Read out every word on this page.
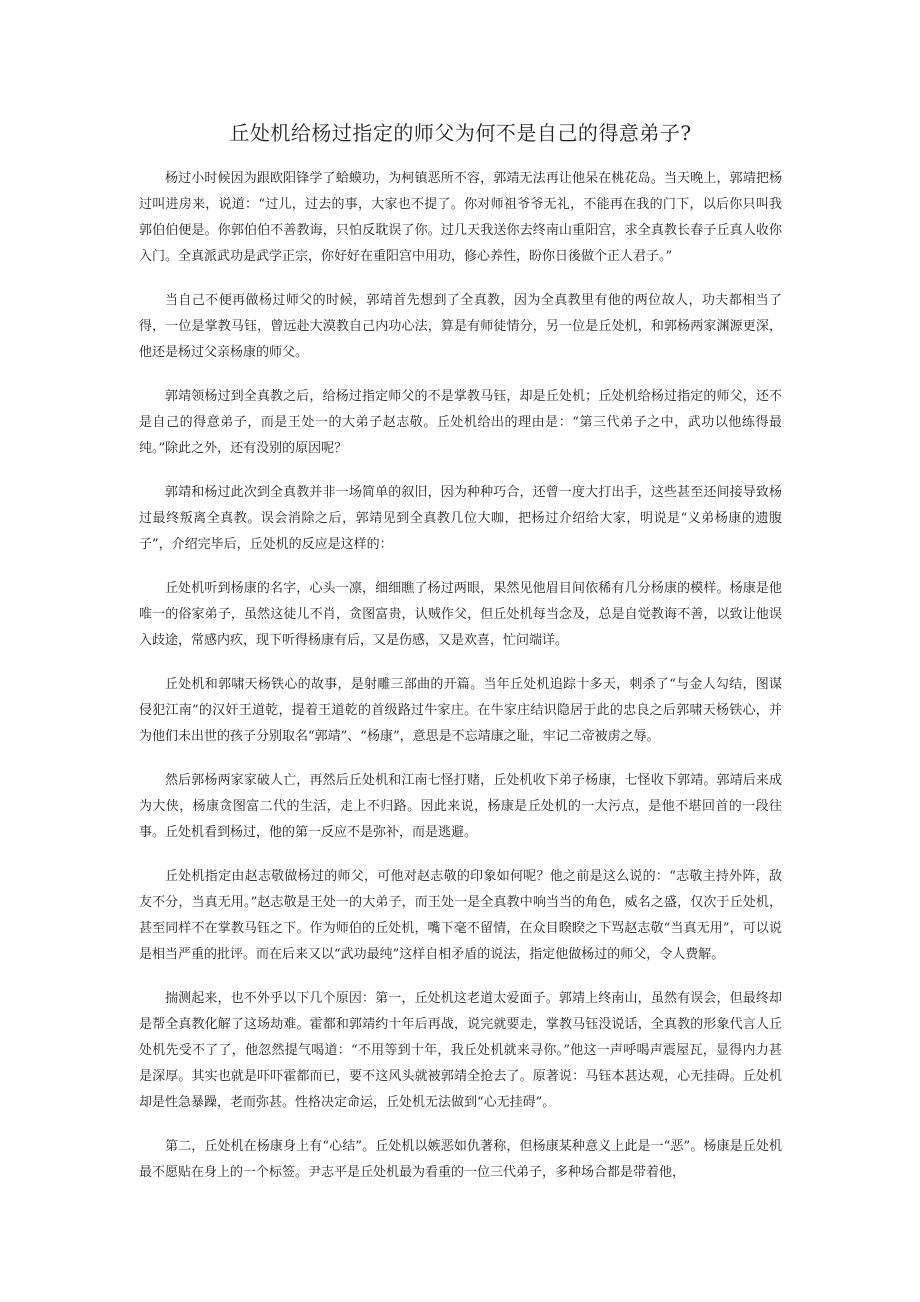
丘处机给杨过指定的师父为何不是自己的得意弟子?

杨过小时候因为跟欧阳锋学了蛤蟆功，为柯镇恶所不容，郭靖无法再让他呆在桃花岛。当天晚上，郭靖把杨过叫进房来，说道：“过儿，过去的事，大家也不提了。你对师祖爷爷无礼，不能再在我的门下，以后你只叫我郭伯伯便是。你郭伯伯不善教诲，只怕反耽误了你。过几天我送你去终南山重阳宫，求全真教长春子丘真人收你入门。全真派武功是武学正宗，你好好在重阳宫中用功，修心养性，盼你日後做个正人君子。”

当自己不便再做杨过师父的时候，郭靖首先想到了全真教，因为全真教里有他的两位故人，功夫都相当了得，一位是掌教马钰，曾远赴大漠教自己内功心法，算是有师徒情分，另一位是丘处机，和郭杨两家渊源更深，他还是杨过父亲杨康的师父。

郭靖领杨过到全真教之后，给杨过指定师父的不是掌教马钰，却是丘处机；丘处机给杨过指定的师父，还不是自己的得意弟子，而是王处一的大弟子赵志敬。丘处机给出的理由是：“第三代弟子之中，武功以他练得最纯。”除此之外，还有没别的原因呢？

郭靖和杨过此次到全真教并非一场简单的叙旧，因为种种巧合，还曾一度大打出手，这些甚至还间接导致杨过最终叛离全真教。误会消除之后，郭靖见到全真教几位大咖，把杨过介绍给大家，明说是“义弟杨康的遗腹子”，介绍完毕后，丘处机的反应是这样的：

丘处机听到杨康的名字，心头一凛，细细瞧了杨过两眼，果然见他眉目间依稀有几分杨康的模样。杨康是他唯一的俗家弟子，虽然这徒儿不肖，贪图富贵，认贼作父，但丘处机每当念及，总是自觉教诲不善，以致让他误入歧途，常感内疚，现下听得杨康有后，又是伤感，又是欢喜，忙问端详。

丘处机和郭啸天杨铁心的故事，是射雕三部曲的开篇。当年丘处机追踪十多天，刺杀了“与金人勾结，图谋侵犯江南”的汉奸王道乾，提着王道乾的首级路过牛家庄。在牛家庄结识隐居于此的忠良之后郭啸天杨铁心，并为他们未出世的孩子分别取名“郭靖”、“杨康”，意思是不忘靖康之耻，牢记二帝被虏之辱。

然后郭杨两家家破人亡，再然后丘处机和江南七怪打赌，丘处机收下弟子杨康，七怪收下郭靖。郭靖后来成为大侠，杨康贪图富二代的生活，走上不归路。因此来说，杨康是丘处机的一大污点，是他不堪回首的一段往事。丘处机看到杨过，他的第一反应不是弥补，而是逃避。

丘处机指定由赵志敬做杨过的师父，可他对赵志敬的印象如何呢？他之前是这么说的：“志敬主持外阵，敌友不分，当真无用。”赵志敬是王处一的大弟子，而王处一是全真教中响当当的角色，威名之盛，仅次于丘处机，甚至同样不在掌教马钰之下。作为师伯的丘处机，嘴下毫不留情，在众目睽睽之下骂赵志敬“当真无用”，可以说是相当严重的批评。而在后来又以“武功最纯”这样自相矛盾的说法，指定他做杨过的师父，令人费解。

揣测起来，也不外乎以下几个原因：第一，丘处机这老道太爱面子。郭靖上终南山，虽然有误会，但最终却是帮全真教化解了这场劫难。霍都和郭靖约十年后再战，说完就要走，掌教马钰没说话，全真教的形象代言人丘处机先受不了了，他忽然提气喝道：“不用等到十年，我丘处机就来寻你。”他这一声呼喝声震屋瓦，显得内力甚是深厚。其实也就是吓吓霍都而已，要不这风头就被郭靖全抢去了。原著说：马钰本甚达观，心无挂碍。丘处机却是性急暴躁，老而弥甚。性格决定命运，丘处机无法做到“心无挂碍”。

第二，丘处机在杨康身上有“心结”。丘处机以嫉恶如仇著称，但杨康某种意义上此是一“恶”。杨康是丘处机最不愿贴在身上的一个标签。尹志平是丘处机最为看重的一位三代弟子，多种场合都是带着他，
